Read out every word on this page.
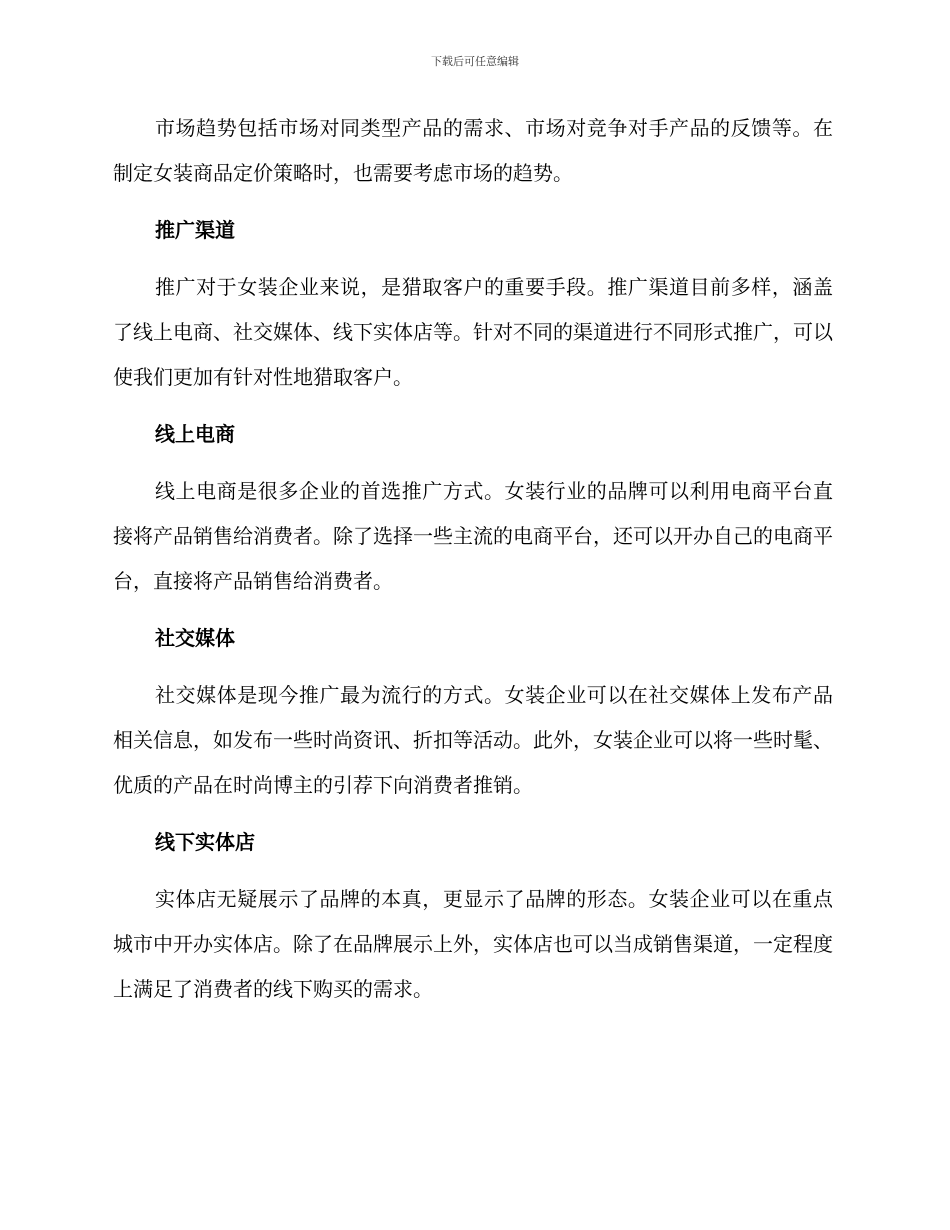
下载后可任意编辑

市场趋势包括市场对同类型产品的需求、市场对竞争对手产品的反馈等。在制定女装商品定价策略时，也需要考虑市场的趋势。

推广渠道

推广对于女装企业来说，是猎取客户的重要手段。推广渠道目前多样，涵盖了线上电商、社交媒体、线下实体店等。针对不同的渠道进行不同形式推广，可以使我们更加有针对性地猎取客户。

线上电商

线上电商是很多企业的首选推广方式。女装行业的品牌可以利用电商平台直接将产品销售给消费者。除了选择一些主流的电商平台，还可以开办自己的电商平台，直接将产品销售给消费者。

社交媒体

社交媒体是现今推广最为流行的方式。女装企业可以在社交媒体上发布产品相关信息，如发布一些时尚资讯、折扣等活动。此外，女装企业可以将一些时髦、优质的产品在时尚博主的引荐下向消费者推销。

线下实体店

实体店无疑展示了品牌的本真，更显示了品牌的形态。女装企业可以在重点城市中开办实体店。除了在品牌展示上外，实体店也可以当成销售渠道，一定程度上满足了消费者的线下购买的需求。
